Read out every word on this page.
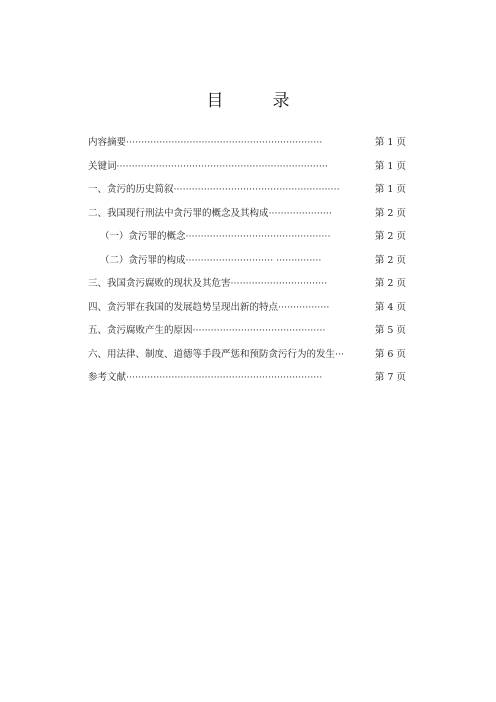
目　录
内容摘要 ·································································	第 1 页
关键词 ······································································	第 1 页
一、贪污的历史简叙 ·······················································	第 1 页
二、我国现行刑法中贪污罪的概念及其构成 ·····················	第 2 页
（一）贪污罪的概念 ················································	第 2 页
（二）贪污罪的构成 ····························· ···············	第 2 页
三、我国贪污腐败的现状及其危害 ································	第 2 页
四、贪污罪在我国的发展趋势呈现出新的特点 ·················	第 4 页
五、贪污腐败产生的原因 ············································	第 5 页
六、用法律、制度、道德等手段严惩和预防贪污行为的发生 ···	第 6 页
参考文献 ·································································	第 7 页
